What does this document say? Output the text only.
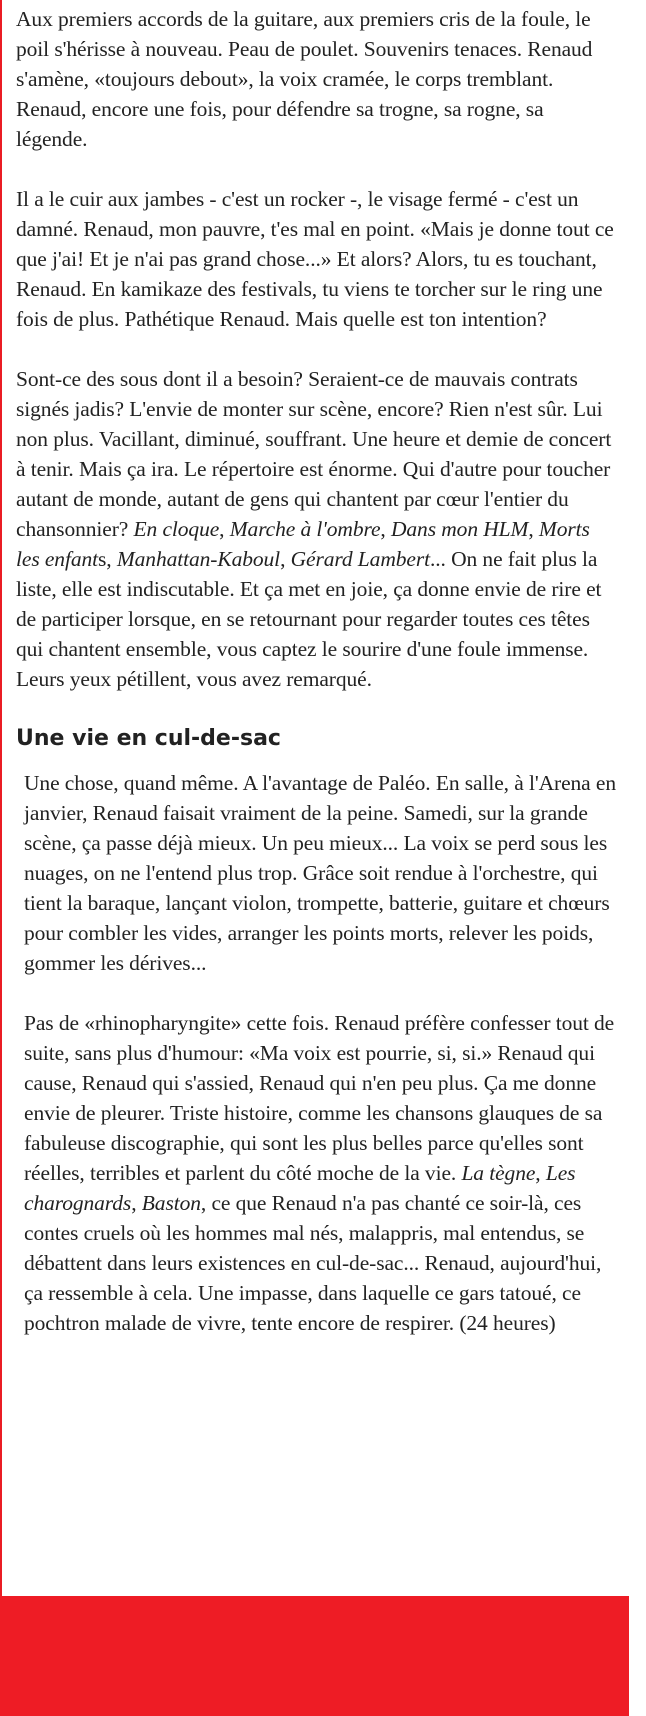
Aux premiers accords de la guitare, aux premiers cris de la foule, le poil s'hérisse à nouveau. Peau de poulet. Souvenirs tenaces. Renaud s'amène, «toujours debout», la voix cramée, le corps tremblant. Renaud, encore une fois, pour défendre sa trogne, sa rogne, sa légende.

Il a le cuir aux jambes - c'est un rocker -, le visage fermé - c'est un damné. Renaud, mon pauvre, t'es mal en point. «Mais je donne tout ce que j'ai! Et je n'ai pas grand chose...» Et alors? Alors, tu es touchant, Renaud. En kamikaze des festivals, tu viens te torcher sur le ring une fois de plus. Pathétique Renaud. Mais quelle est ton intention?

Sont-ce des sous dont il a besoin? Seraient-ce de mauvais contrats signés jadis? L'envie de monter sur scène, encore? Rien n'est sûr. Lui non plus. Vacillant, diminué, souffrant. Une heure et demie de concert à tenir. Mais ça ira. Le répertoire est énorme. Qui d'autre pour toucher autant de monde, autant de gens qui chantent par cœur l'entier du chansonnier? En cloque, Marche à l'ombre, Dans mon HLM, Morts les enfants, Manhattan-Kaboul, Gérard Lambert... On ne fait plus la liste, elle est indiscutable. Et ça met en joie, ça donne envie de rire et de participer lorsque, en se retournant pour regarder toutes ces têtes qui chantent ensemble, vous captez le sourire d'une foule immense. Leurs yeux pétillent, vous avez remarqué.

Une vie en cul-de-sac

Une chose, quand même. A l'avantage de Paléo. En salle, à l'Arena en janvier, Renaud faisait vraiment de la peine. Samedi, sur la grande scène, ça passe déjà mieux. Un peu mieux... La voix se perd sous les nuages, on ne l'entend plus trop. Grâce soit rendue à l'orchestre, qui tient la baraque, lançant violon, trompette, batterie, guitare et chœurs pour combler les vides, arranger les points morts, relever les poids, gommer les dérives...

Pas de «rhinopharyngite» cette fois. Renaud préfère confesser tout de suite, sans plus d'humour: «Ma voix est pourrie, si, si.» Renaud qui cause, Renaud qui s'assied, Renaud qui n'en peu plus. Ça me donne envie de pleurer. Triste histoire, comme les chansons glauques de sa fabuleuse discographie, qui sont les plus belles parce qu'elles sont réelles, terribles et parlent du côté moche de la vie. La tègne, Les charognards, Baston, ce que Renaud n'a pas chanté ce soir-là, ces contes cruels où les hommes mal nés, malappris, mal entendus, se débattent dans leurs existences en cul-de-sac... Renaud, aujourd'hui, ça ressemble à cela. Une impasse, dans laquelle ce gars tatoué, ce pochtron malade de vivre, tente encore de respirer. (24 heures)
